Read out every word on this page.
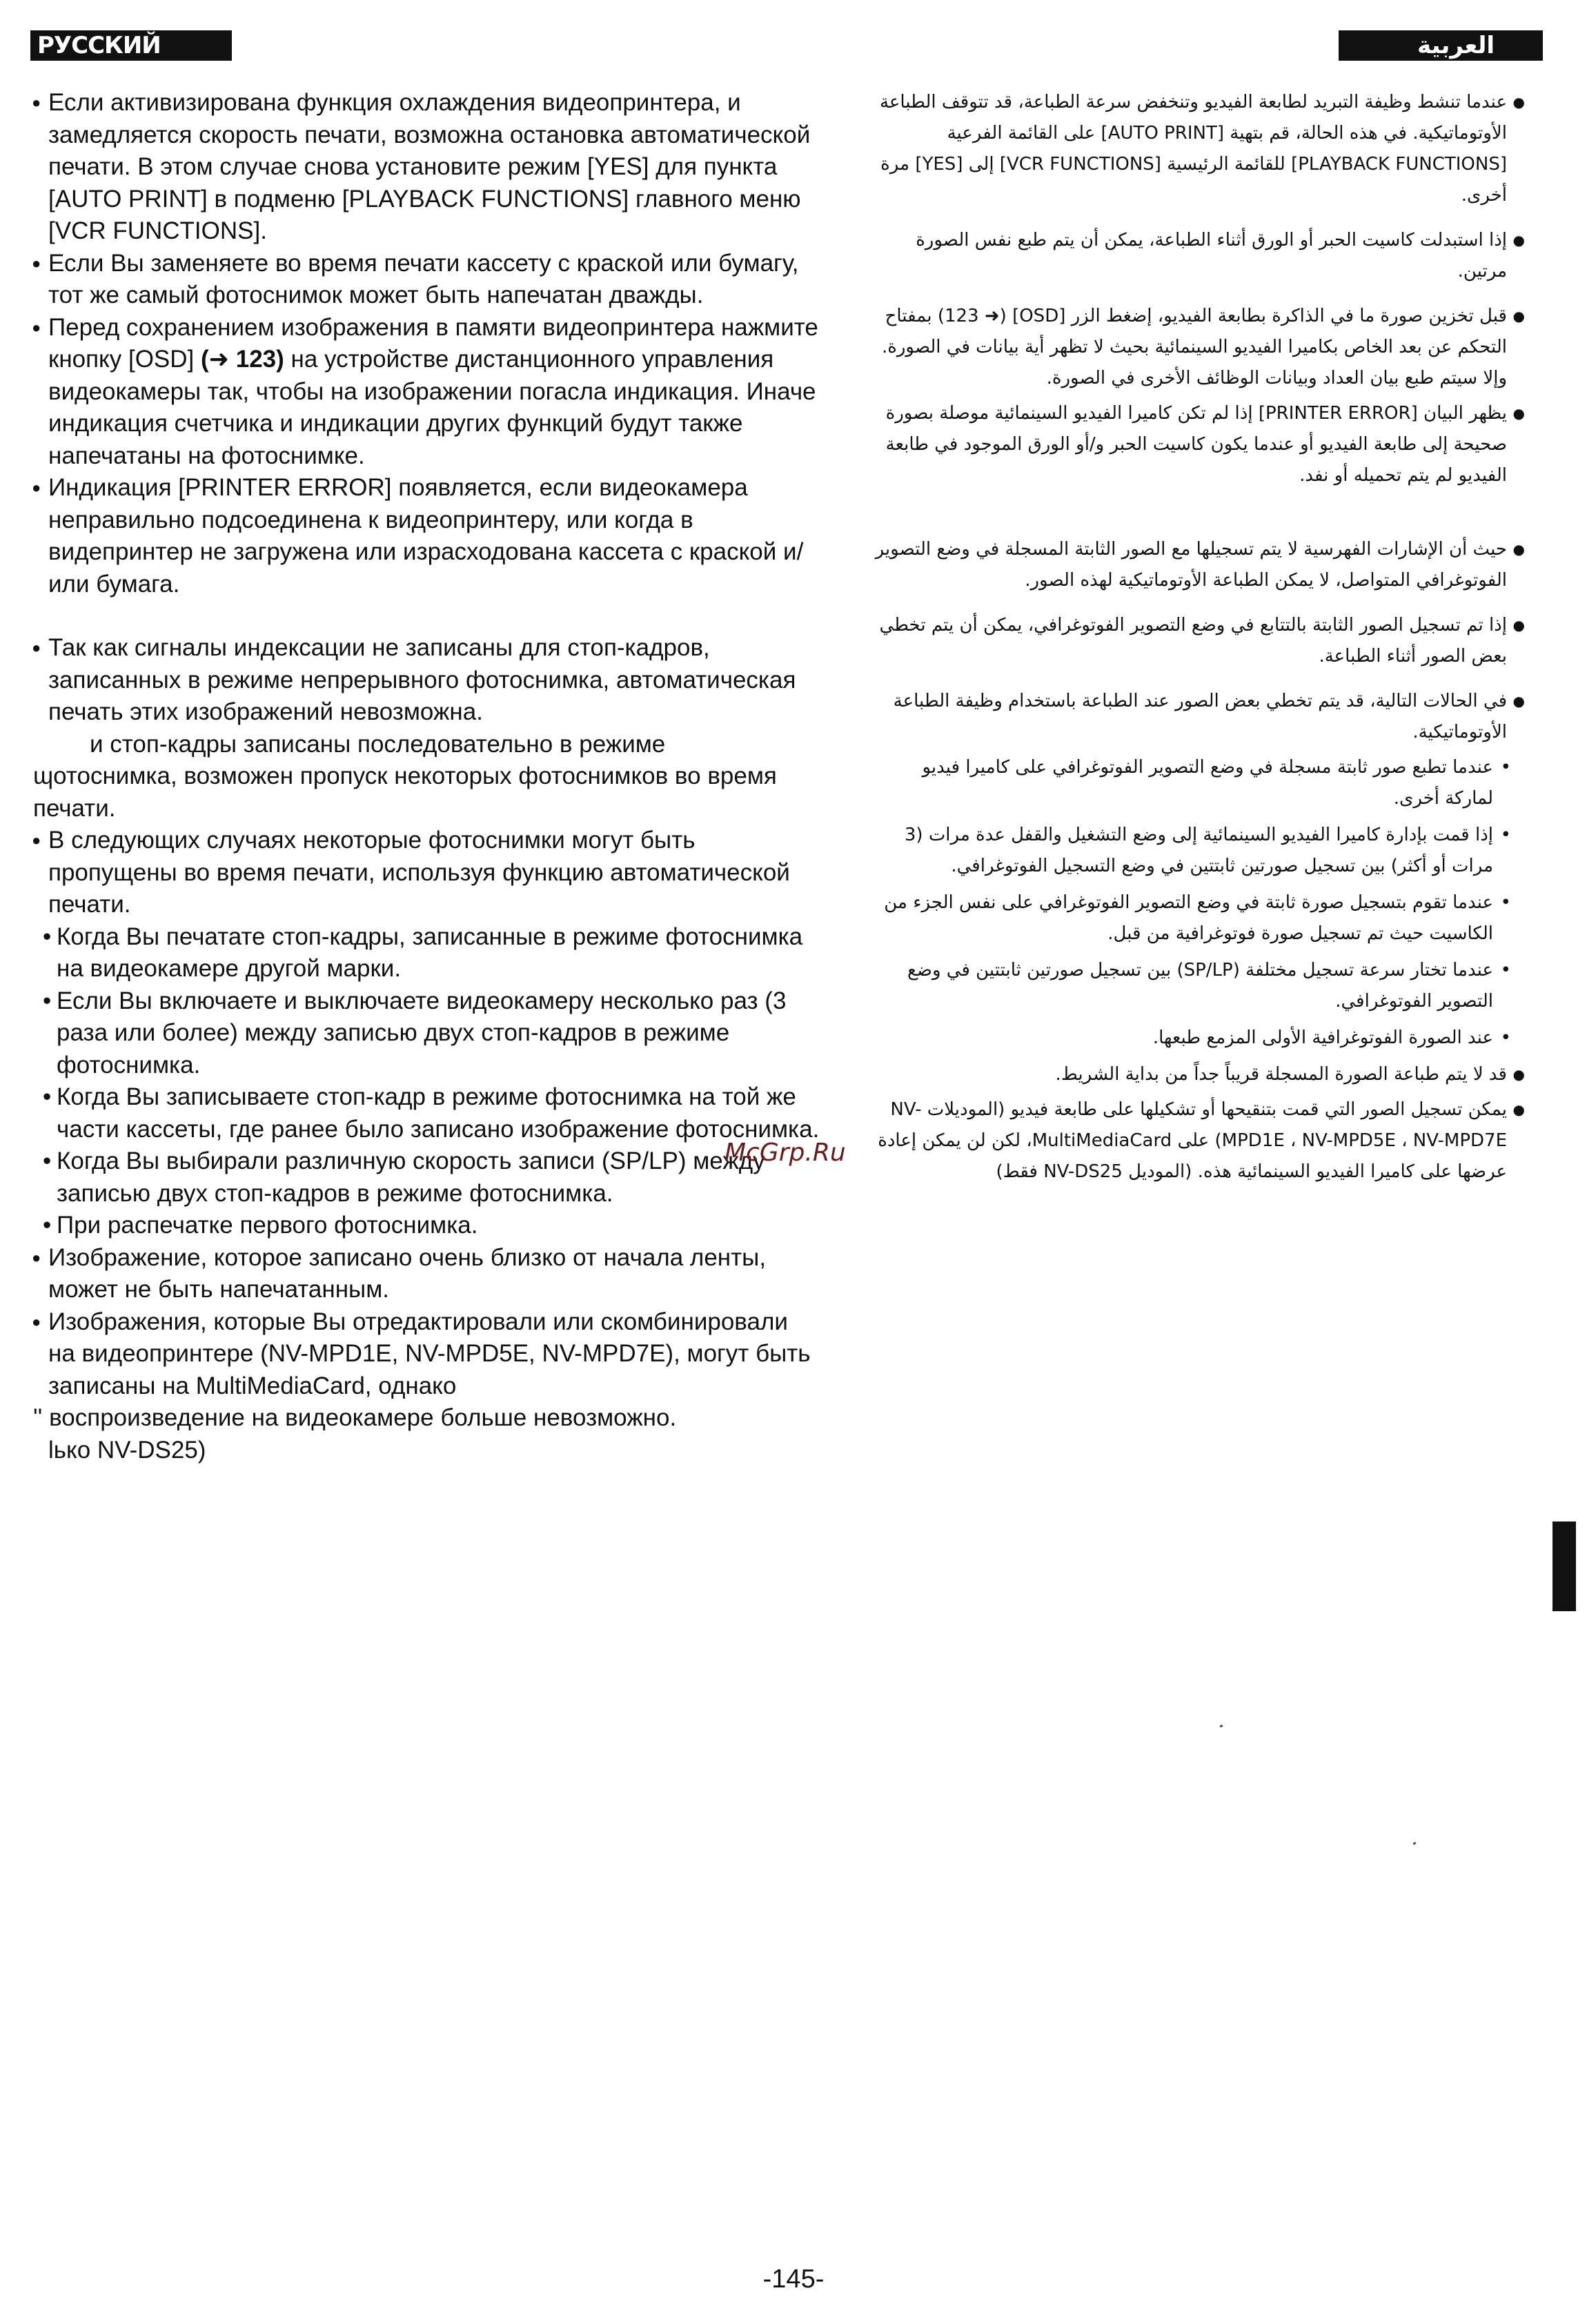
РУССКИЙ ЯЗЫК
العربية
● Если активизирована функция охлаждения видеопринтера, и замедляется скорость печати, возможна остановка автоматической печати. В этом случае снова установите режим [YES] для пункта [AUTO PRINT] в подменю [PLAYBACK FUNCTIONS] главного меню [VCR FUNCTIONS].
● Если Вы заменяете во время печати кассету с краской или бумагу, тот же самый фотоснимок может быть напечатан дважды.
● Перед сохранением изображения в памяти видеопринтера нажмите кнопку [OSD] (➜ 123) на устройстве дистанционного управления видеокамеры так, чтобы на изображении погасла индикация. Иначе индикация счетчика и индикации других функций будут также напечатаны на фотоснимке.
● Индикация [PRINTER ERROR] появляется, если видеокамера неправильно подсоединена к видеопринтеру, или когда в видепринтер не загружена или израсходована кассета с краской и/или бумага.
● Так как сигналы индексации не записаны для стоп-кадров, записанных в режиме непрерывного фотоснимка, автоматическая печать этих изображений невозможна.
и стоп-кадры записаны последовательно в режиме
ɰотоснимка, возможен пропуск некоторых фотоснимков во время печати.
● В следующих случаях некоторые фотоснимки могут быть пропущены во время печати, используя функцию автоматической печати.
• Когда Вы печатате стоп-кадры, записанные в режиме фотоснимка на видеокамере другой марки.
• Если Вы включаете и выключаете видеокамеру несколько раз (3 раза или более) между записью двух стоп-кадров в режиме фотоснимка.
• Когда Вы записываете стоп-кадр в режиме фотоснимка на той же части кассеты, где ранее было записано изображение фотоснимка.
• Когда Вы выбирали различную скорость записи (SP/LP) между записью двух стоп-кадров в режиме фотоснимка.
• При распечатке первого фотоснимка.
● Изображение, которое записано очень близко от начала ленты, может не быть напечатанным.
● Изображения, которые Вы отредактировали или скомбинировали на видеопринтере (NV-MPD1E, NV-MPD5E, NV-MPD7E), могут быть записаны на MultiMediaCard, однако
'' воспроизведение на видеокамере больше невозможно.
lько NV-DS25)
● عندما تنشط وظيفة التبريد لطابعة الفيديو وتنخفض سرعة الطباعة، قد تتوقف الطباعة الأوتوماتيكية. في هذه الحالة، قم بتهية [AUTO PRINT] على القائمة الفرعية [PLAYBACK FUNCTIONS] للقائمة الرئيسية [VCR FUNCTIONS] إلى [YES] مرة أخرى.
● إذا استبدلت كاسيت الحبر أو الورق أثناء الطباعة، يمكن أن يتم طبع نفس الصورة مرتين.
● قبل تخزين صورة ما في الذاكرة بطابعة الفيديو، إضغط الزر [OSD] (➜ 123) بمفتاح التحكم عن بعد الخاص بكاميرا الفيديو السينمائية بحيث لا تظهر أية بيانات في الصورة. وإلا سيتم طبع بيان العداد وبيانات الوظائف الأخرى في الصورة.
● يظهر البيان [PRINTER ERROR] إذا لم تكن كاميرا الفيديو السينمائية موصلة بصورة صحيحة إلى طابعة الفيديو أو عندما يكون كاسيت الحبر و/أو الورق الموجود في طابعة الفيديو لم يتم تحميله أو نفد.
● حيث أن الإشارات الفهرسية لا يتم تسجيلها مع الصور الثابتة المسجلة في وضع التصوير الفوتوغرافي المتواصل، لا يمكن الطباعة الأوتوماتيكية لهذه الصور.
● إذا تم تسجيل الصور الثابتة بالتتابع في وضع التصوير الفوتوغرافي، يمكن أن يتم تخطي بعض الصور أثناء الطباعة.
● في الحالات التالية، قد يتم تخطي بعض الصور عند الطباعة باستخدام وظيفة الطباعة الأوتوماتيكية.
• عندما تطبع صور ثابتة مسجلة في وضع التصوير الفوتوغرافي على كاميرا فيديو لماركة أخرى.
• إذا قمت بإدارة كاميرا الفيديو السينمائية إلى وضع التشغيل والقفل عدة مرات (3 مرات أو أكثر) بين تسجيل صورتين ثابتتين في وضع التسجيل الفوتوغرافي.
• عندما تقوم بتسجيل صورة ثابتة في وضع التصوير الفوتوغرافي على نفس الجزء من الكاسيت حيث تم تسجيل صورة فوتوغرافية من قبل.
• عندما تختار سرعة تسجيل مختلفة (SP/LP) بين تسجيل صورتين ثابتتين في وضع التصوير الفوتوغرافي.
• عند الصورة الفوتوغرافية الأولى المزمع طبعها.
● قد لا يتم طباعة الصورة المسجلة قريباً جداً من بداية الشريط.
● يمكن تسجيل الصور التي قمت بتنقيحها أو تشكيلها على طابعة فيديو (الموديلات NV-MPD1E ، NV-MPD5E ، NV-MPD7E) على MultiMediaCard، لكن لن يمكن إعادة عرضها على كاميرا الفيديو السينمائية هذه. (الموديل NV-DS25 فقط)
McGrp.Ru
-145-
